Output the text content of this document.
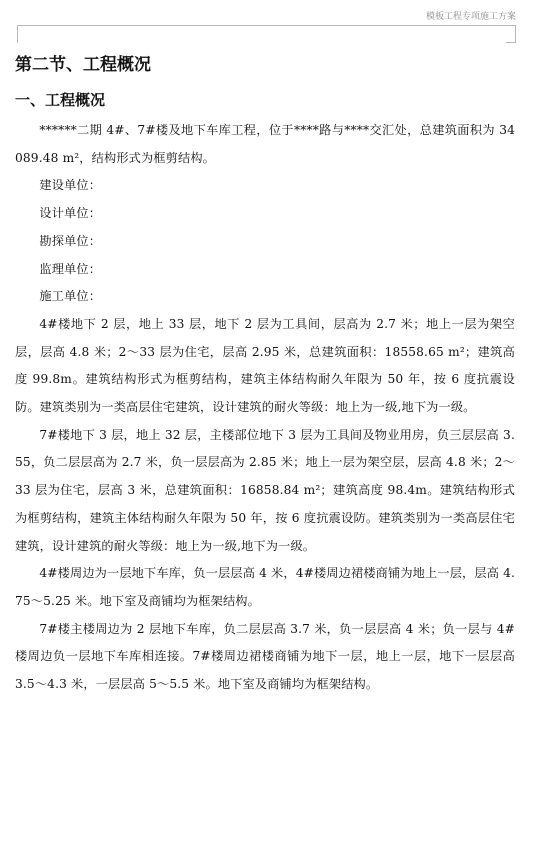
模板工程专项施工方案
第二节、工程概况
一、工程概况

******二期 4#、7#楼及地下车库工程，位于****路与****交汇处，总建筑面积为 34089.48 m²，结构形式为框剪结构。

建设单位：

设计单位：

勘探单位：

监理单位：

施工单位：

4#楼地下 2 层，地上 33 层，地下 2 层为工具间，层高为 2.7 米；地上一层为架空层，层高 4.8 米；2～33 层为住宅，层高 2.95 米，总建筑面积：18558.65 m²；建筑高度 99.8m。建筑结构形式为框剪结构，建筑主体结构耐久年限为 50 年，按 6 度抗震设防。建筑类别为一类高层住宅建筑，设计建筑的耐火等级：地上为一级,地下为一级。

7#楼地下 3 层，地上 32 层，主楼部位地下 3 层为工具间及物业用房，负三层层高 3.55，负二层层高为 2.7 米，负一层层高为 2.85 米；地上一层为架空层，层高 4.8 米；2～33 层为住宅，层高 3 米，总建筑面积：16858.84 m²；建筑高度 98.4m。建筑结构形式为框剪结构，建筑主体结构耐久年限为 50 年，按 6 度抗震设防。建筑类别为一类高层住宅建筑，设计建筑的耐火等级：地上为一级,地下为一级。

4#楼周边为一层地下车库，负一层层高 4 米，4#楼周边裙楼商铺为地上一层，层高 4.75～5.25 米。地下室及商铺均为框架结构。

7#楼主楼周边为 2 层地下车库，负二层层高 3.7 米，负一层层高 4 米；负一层与 4#楼周边负一层地下车库相连接。7#楼周边裙楼商铺为地下一层，地上一层，地下一层层高 3.5～4.3 米，一层层高 5～5.5 米。地下室及商铺均为框架结构。
